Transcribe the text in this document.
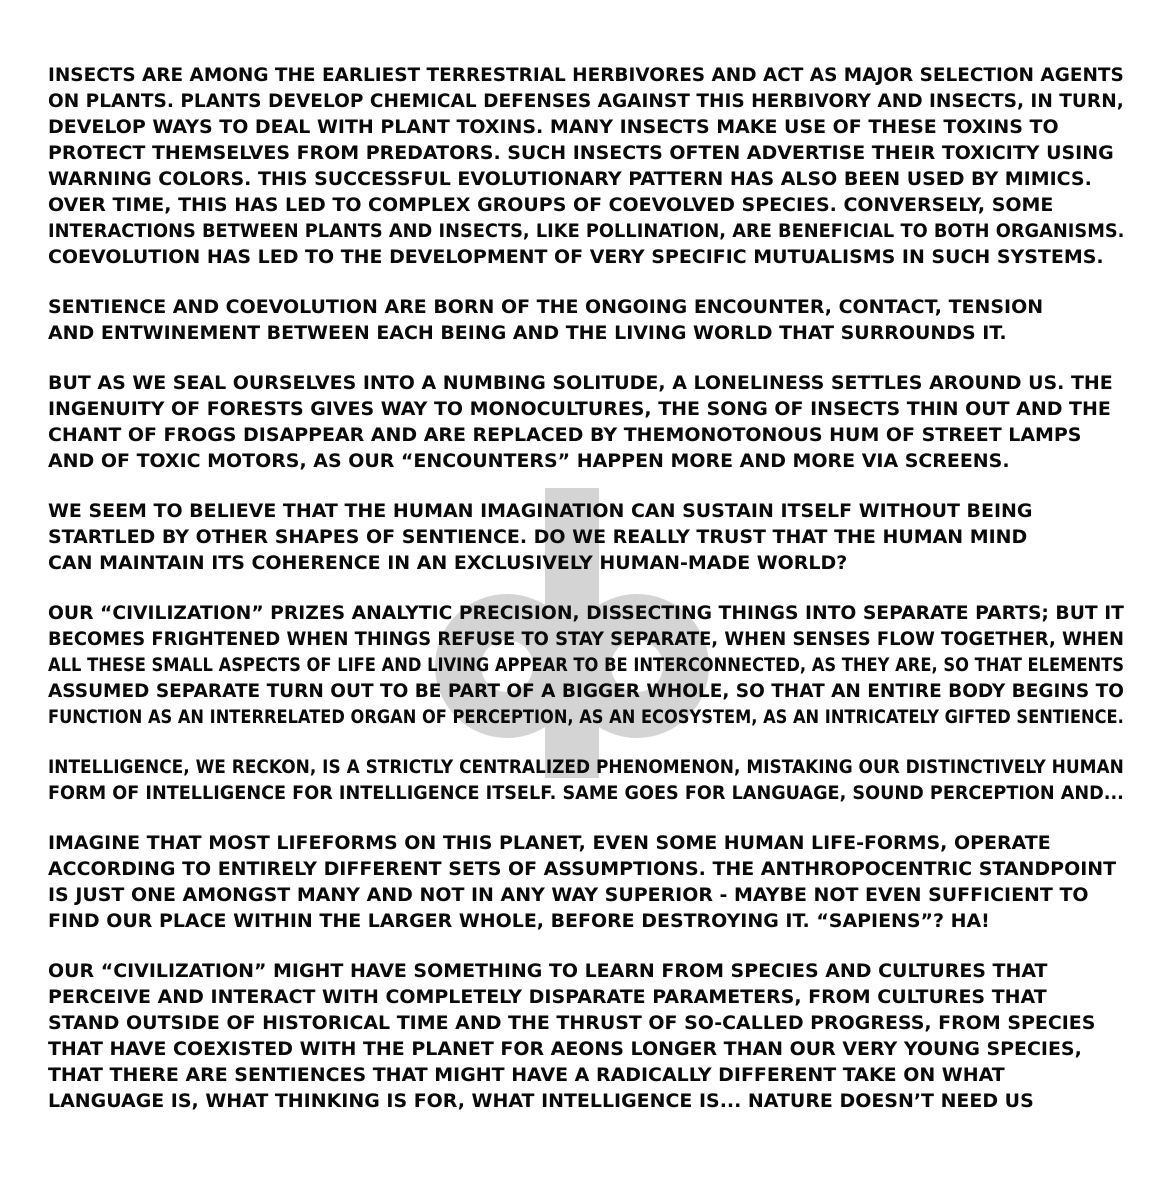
INSECTS ARE AMONG THE EARLIEST TERRESTRIAL HERBIVORES AND ACT AS MAJOR SELECTION AGENTS
ON PLANTS. PLANTS DEVELOP CHEMICAL DEFENSES AGAINST THIS HERBIVORY AND INSECTS, IN TURN,
DEVELOP WAYS TO DEAL WITH PLANT TOXINS. MANY INSECTS MAKE USE OF THESE TOXINS TO
PROTECT THEMSELVES FROM PREDATORS. SUCH INSECTS OFTEN ADVERTISE THEIR TOXICITY USING
WARNING COLORS. THIS SUCCESSFUL EVOLUTIONARY PATTERN HAS ALSO BEEN USED BY MIMICS.
OVER TIME, THIS HAS LED TO COMPLEX GROUPS OF COEVOLVED SPECIES. CONVERSELY, SOME
INTERACTIONS BETWEEN PLANTS AND INSECTS, LIKE POLLINATION, ARE BENEFICIAL TO BOTH ORGANISMS.
COEVOLUTION HAS LED TO THE DEVELOPMENT OF VERY SPECIFIC MUTUALISMS IN SUCH SYSTEMS.
SENTIENCE AND COEVOLUTION ARE BORN OF THE ONGOING ENCOUNTER, CONTACT, TENSION
AND ENTWINEMENT BETWEEN EACH BEING AND THE LIVING WORLD THAT SURROUNDS IT.
BUT AS WE SEAL OURSELVES INTO A NUMBING SOLITUDE, A LONELINESS SETTLES AROUND US. THE
INGENUITY OF FORESTS GIVES WAY TO MONOCULTURES, THE SONG OF INSECTS THIN OUT AND THE
CHANT OF FROGS DISAPPEAR AND ARE REPLACED BY THEMONOTONOUS HUM OF STREET LAMPS
AND OF TOXIC MOTORS, AS OUR “ENCOUNTERS” HAPPEN MORE AND MORE VIA SCREENS.
WE SEEM TO BELIEVE THAT THE HUMAN IMAGINATION CAN SUSTAIN ITSELF WITHOUT BEING
STARTLED BY OTHER SHAPES OF SENTIENCE. DO WE REALLY TRUST THAT THE HUMAN MIND
CAN MAINTAIN ITS COHERENCE IN AN EXCLUSIVELY HUMAN-MADE WORLD?
OUR “CIVILIZATION” PRIZES ANALYTIC PRECISION, DISSECTING THINGS INTO SEPARATE PARTS; BUT IT
BECOMES FRIGHTENED WHEN THINGS REFUSE TO STAY SEPARATE, WHEN SENSES FLOW TOGETHER, WHEN
ALL THESE SMALL ASPECTS OF LIFE AND LIVING APPEAR TO BE INTERCONNECTED, AS THEY ARE, SO THAT ELEMENTS
ASSUMED SEPARATE TURN OUT TO BE PART OF A BIGGER WHOLE, SO THAT AN ENTIRE BODY BEGINS TO
FUNCTION AS AN INTERRELATED ORGAN OF PERCEPTION, AS AN ECOSYSTEM, AS AN INTRICATELY GIFTED SENTIENCE.
INTELLIGENCE, WE RECKON, IS A STRICTLY CENTRALIZED PHENOMENON, MISTAKING OUR DISTINCTIVELY HUMAN
FORM OF INTELLIGENCE FOR INTELLIGENCE ITSELF. SAME GOES FOR LANGUAGE, SOUND PERCEPTION AND...
IMAGINE THAT MOST LIFEFORMS ON THIS PLANET, EVEN SOME HUMAN LIFE-FORMS, OPERATE
ACCORDING TO ENTIRELY DIFFERENT SETS OF ASSUMPTIONS. THE ANTHROPOCENTRIC STANDPOINT
IS JUST ONE AMONGST MANY AND NOT IN ANY WAY SUPERIOR - MAYBE NOT EVEN SUFFICIENT TO
FIND OUR PLACE WITHIN THE LARGER WHOLE, BEFORE DESTROYING IT. “SAPIENS”? HA!
OUR “CIVILIZATION” MIGHT HAVE SOMETHING TO LEARN FROM SPECIES AND CULTURES THAT
PERCEIVE AND INTERACT WITH COMPLETELY DISPARATE PARAMETERS, FROM CULTURES THAT
STAND OUTSIDE OF HISTORICAL TIME AND THE THRUST OF SO-CALLED PROGRESS, FROM SPECIES
THAT HAVE COEXISTED WITH THE PLANET FOR AEONS LONGER THAN OUR VERY YOUNG SPECIES,
THAT THERE ARE SENTIENCES THAT MIGHT HAVE A RADICALLY DIFFERENT TAKE ON WHAT
LANGUAGE IS, WHAT THINKING IS FOR, WHAT INTELLIGENCE IS... NATURE DOESN’T NEED US
